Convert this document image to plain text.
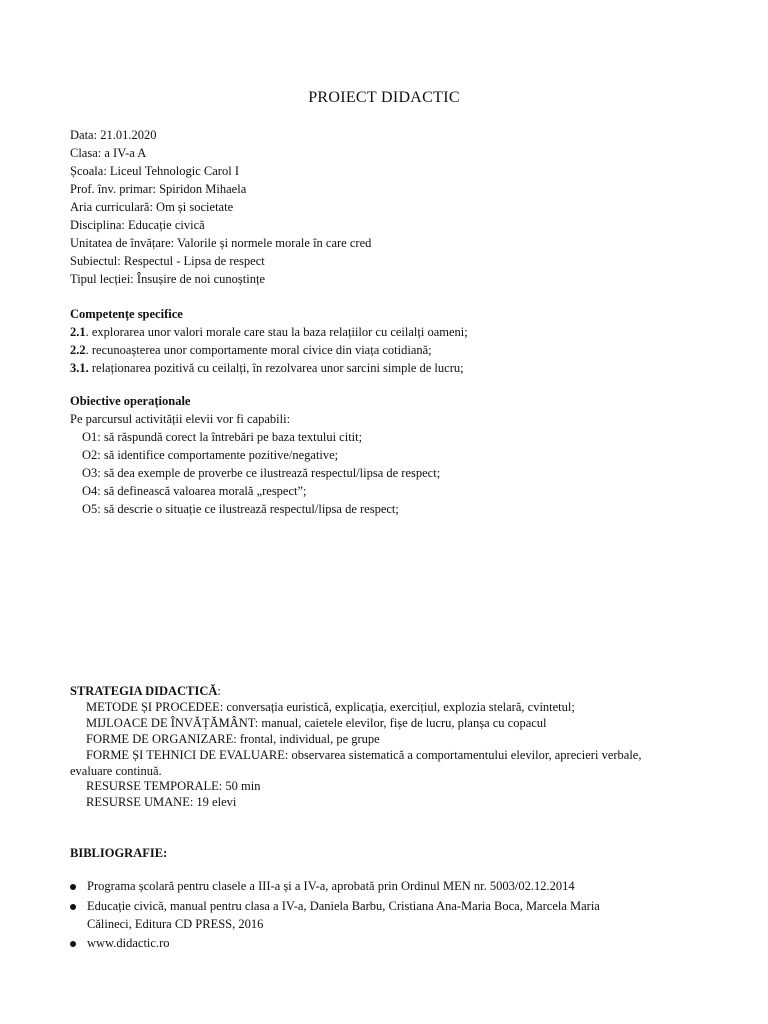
PROIECT DIDACTIC
Data: 21.01.2020
Clasa: a IV-a A
Școala: Liceul Tehnologic Carol I
Prof. înv. primar: Spiridon Mihaela
Aria curriculară: Om și societate
Disciplina: Educație civică
Unitatea de învățare: Valorile și normele morale în care cred
Subiectul: Respectul - Lipsa de respect
Tipul lecției: Însușire de noi cunoștințe
Competențe specifice
2.1. explorarea unor valori morale care stau la baza relațiilor cu ceilalți oameni;
2.2. recunoașterea unor comportamente moral civice din viața cotidiană;
3.1. relaționarea pozitivă cu ceilalți, în rezolvarea unor sarcini simple de lucru;
Obiective operaționale
Pe parcursul activității elevii vor fi capabili:
O1: să răspundă corect la întrebări pe baza textului citit;
O2: să identifice comportamente pozitive/negative;
O3: să dea exemple de proverbe ce ilustrează respectul/lipsa de respect;
O4: să definească valoarea morală „respect”;
O5: să descrie o situație ce ilustrează respectul/lipsa de respect;
STRATEGIA DIDACTICĂ:
METODE ȘI PROCEDEE: conversația euristică, explicația, exercițiul, explozia stelară, cvintetul;
MIJLOACE DE ÎNVĂȚĂMÂNT: manual, caietele elevilor, fișe de lucru, planșa cu copacul
FORME DE ORGANIZARE: frontal, individual, pe grupe
FORME ȘI TEHNICI DE EVALUARE: observarea sistematică a comportamentului elevilor, aprecieri verbale,
evaluare continuă.
RESURSE TEMPORALE: 50 min
RESURSE UMANE: 19 elevi
BIBLIOGRAFIE:
Programa școlară pentru clasele a III-a și a IV-a, aprobată prin Ordinul MEN nr. 5003/02.12.2014
Educație civică, manual pentru clasa a IV-a, Daniela Barbu, Cristiana Ana-Maria Boca, Marcela Maria
Călineci, Editura CD PRESS, 2016
www.didactic.ro
